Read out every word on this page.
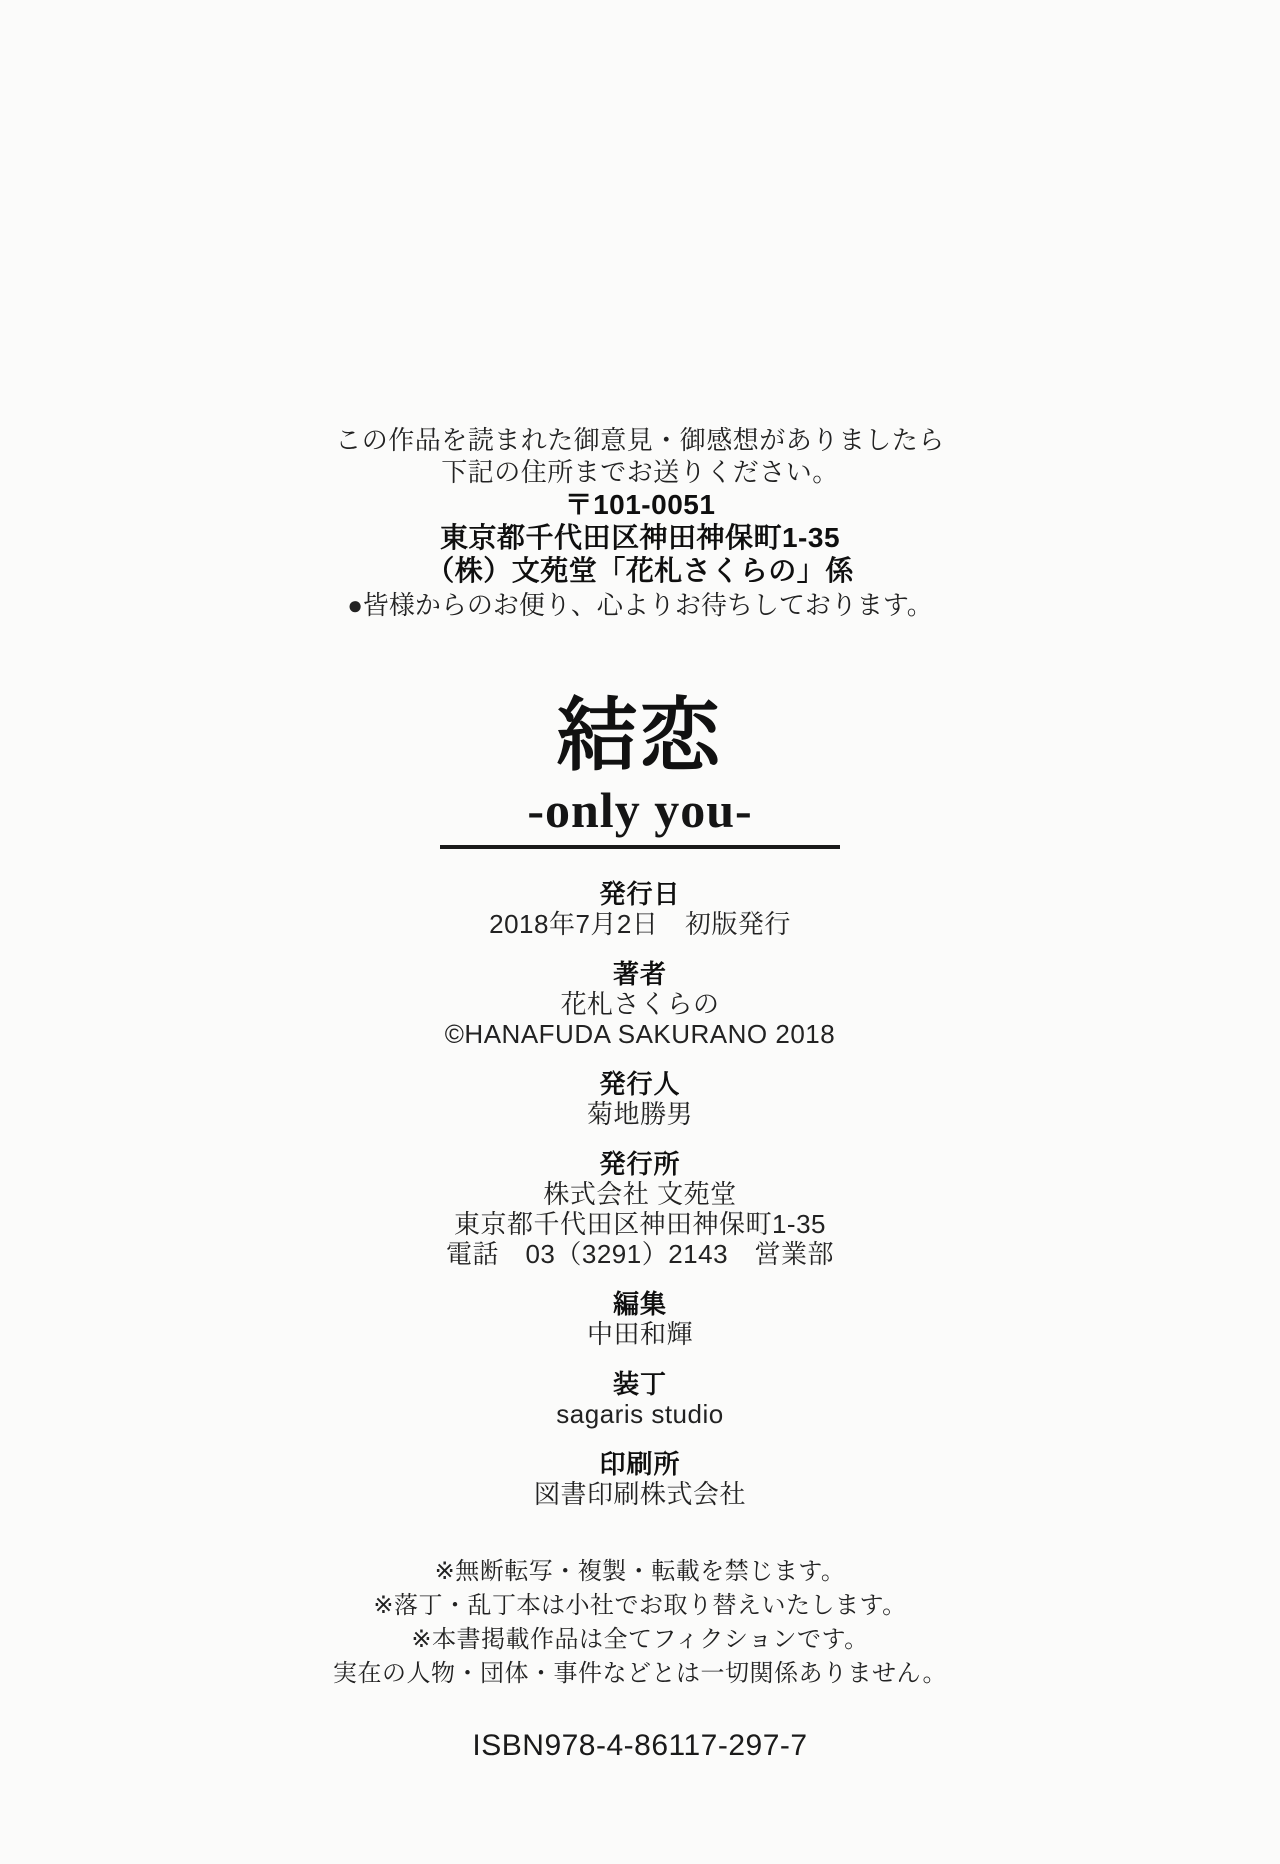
この作品を読まれた御意見・御感想がありましたら
下記の住所までお送りください。
〒101-0051
東京都千代田区神田神保町1-35
（株）文苑堂「花札さくらの」係
●皆様からのお便り、心よりお待ちしております。
結恋
-only you-
発行日
2018年7月2日　初版発行
著者
花札さくらの
©HANAFUDA SAKURANO 2018
発行人
菊地勝男
発行所
株式会社 文苑堂
東京都千代田区神田神保町1-35
電話　03（3291）2143　営業部
編集
中田和輝
装丁
sagaris studio
印刷所
図書印刷株式会社
※無断転写・複製・転載を禁じます。
※落丁・乱丁本は小社でお取り替えいたします。
※本書掲載作品は全てフィクションです。
実在の人物・団体・事件などとは一切関係ありません。
ISBN978-4-86117-297-7
